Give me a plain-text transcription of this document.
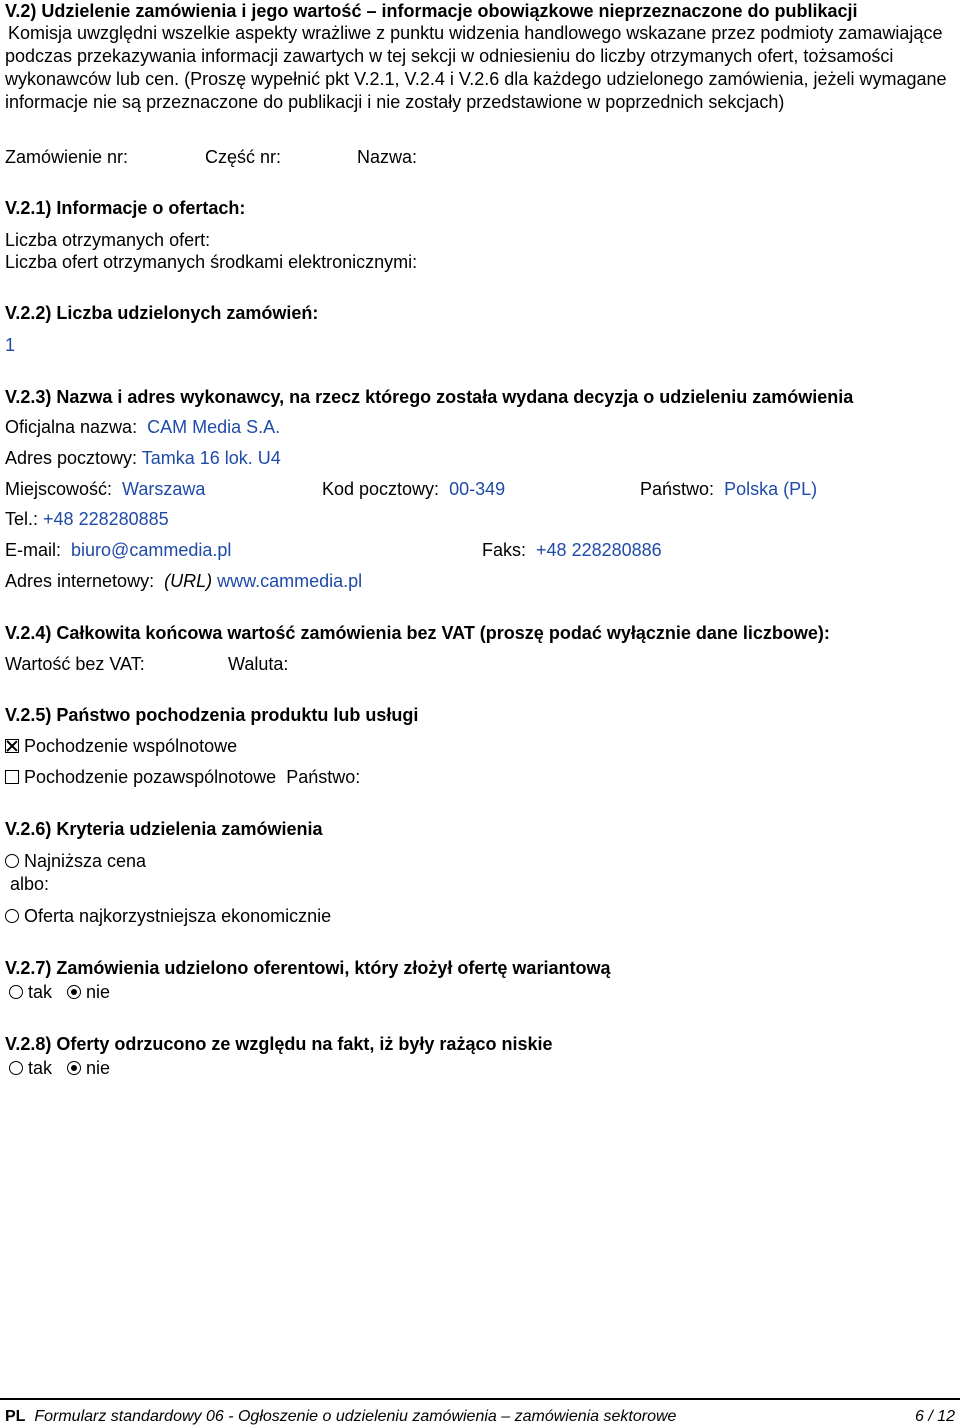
V.2) Udzielenie zamówienia i jego wartość – informacje obowiązkowe nieprzeznaczone do publikacji

Komisja uwzględni wszelkie aspekty wrażliwe z punktu widzenia handlowego wskazane przez podmioty zamawiające podczas przekazywania informacji zawartych w tej sekcji w odniesieniu do liczby otrzymanych ofert, tożsamości wykonawców lub cen. (Proszę wypełnić pkt V.2.1, V.2.4 i V.2.6 dla każdego udzielonego zamówienia, jeżeli wymagane informacje nie są przeznaczone do publikacji i nie zostały przedstawione w poprzednich sekcjach)

Zamówienie nr:	Część nr:	Nazwa:
V.2.1) Informacje o ofertach:
Liczba otrzymanych ofert:
Liczba ofert otrzymanych środkami elektronicznymi:
V.2.2) Liczba udzielonych zamówień:
1
V.2.3) Nazwa i adres wykonawcy, na rzecz którego została wydana decyzja o udzieleniu zamówienia
Oficjalna nazwa: CAM Media S.A.
Adres pocztowy: Tamka 16 lok. U4
Miejscowość: Warszawa	Kod pocztowy: 00-349	Państwo: Polska (PL)
Tel.: +48 228280885
E-mail: biuro@cammedia.pl	Faks: +48 228280886
Adres internetowy: (URL) www.cammedia.pl
V.2.4) Całkowita końcowa wartość zamówienia bez VAT (proszę podać wyłącznie dane liczbowe):
Wartość bez VAT:	Waluta:
V.2.5) Państwo pochodzenia produktu lub usługi
Pochodzenie wspólnotowe
Pochodzenie pozawspólnotowe Państwo:
V.2.6) Kryteria udzielenia zamówienia
Najniższa cena
albo:
Oferta najkorzystniejsza ekonomicznie
V.2.7) Zamówienia udzielono oferentowi, który złożył ofertę wariantową
tak nie
V.2.8) Oferty odrzucono ze względu na fakt, iż były rażąco niskie
tak nie
PL Formularz standardowy 06 - Ogłoszenie o udzieleniu zamówienia – zamówienia sektorowe	6 / 12
